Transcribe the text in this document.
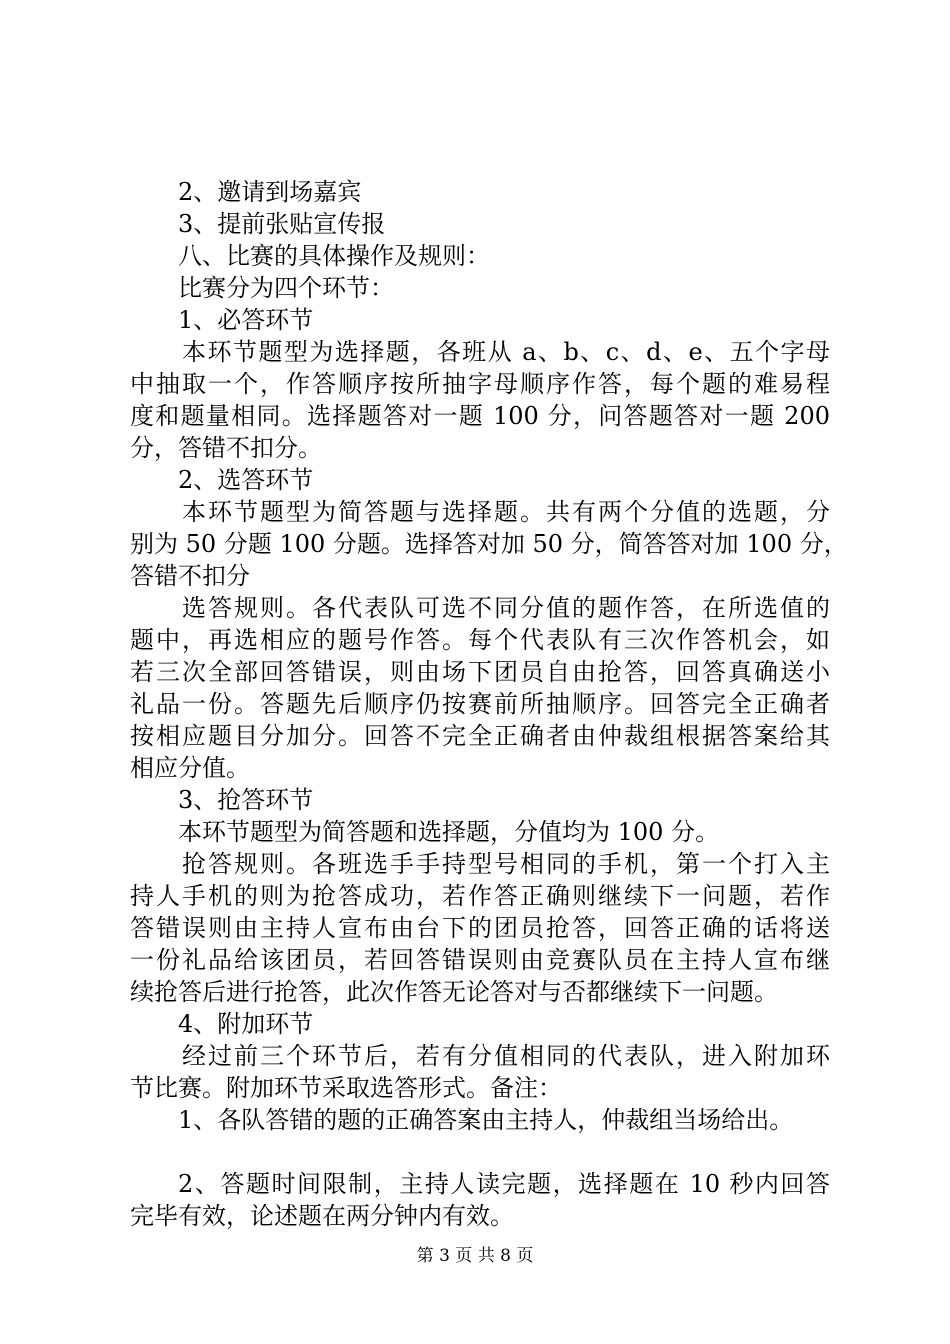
2、邀请到场嘉宾
3、提前张贴宣传报
八、比赛的具体操作及规则：
比赛分为四个环节：
1、必答环节
本环节题型为选择题，各班从 a、b、c、d、e、五个字母
中抽取一个，作答顺序按所抽字母顺序作答，每个题的难易程
度和题量相同。选择题答对一题 100 分，问答题答对一题 200
分，答错不扣分。
2、选答环节
本环节题型为简答题与选择题。共有两个分值的选题，分
别为 50 分题 100 分题。选择答对加 50 分，简答答对加 100 分，
答错不扣分
选答规则。各代表队可选不同分值的题作答，在所选值的
题中，再选相应的题号作答。每个代表队有三次作答机会，如
若三次全部回答错误，则由场下团员自由抢答，回答真确送小
礼品一份。答题先后顺序仍按赛前所抽顺序。回答完全正确者
按相应题目分加分。回答不完全正确者由仲裁组根据答案给其
相应分值。
3、抢答环节
本环节题型为简答题和选择题，分值均为 100 分。
抢答规则。各班选手手持型号相同的手机，第一个打入主
持人手机的则为抢答成功，若作答正确则继续下一问题，若作
答错误则由主持人宣布由台下的团员抢答，回答正确的话将送
一份礼品给该团员，若回答错误则由竞赛队员在主持人宣布继
续抢答后进行抢答，此次作答无论答对与否都继续下一问题。
4、附加环节
经过前三个环节后，若有分值相同的代表队，进入附加环
节比赛。附加环节采取选答形式。备注：
1、各队答错的题的正确答案由主持人，仲裁组当场给出。
2、答题时间限制，主持人读完题，选择题在 10 秒内回答
完毕有效，论述题在两分钟内有效。
第 3 页 共 8 页
